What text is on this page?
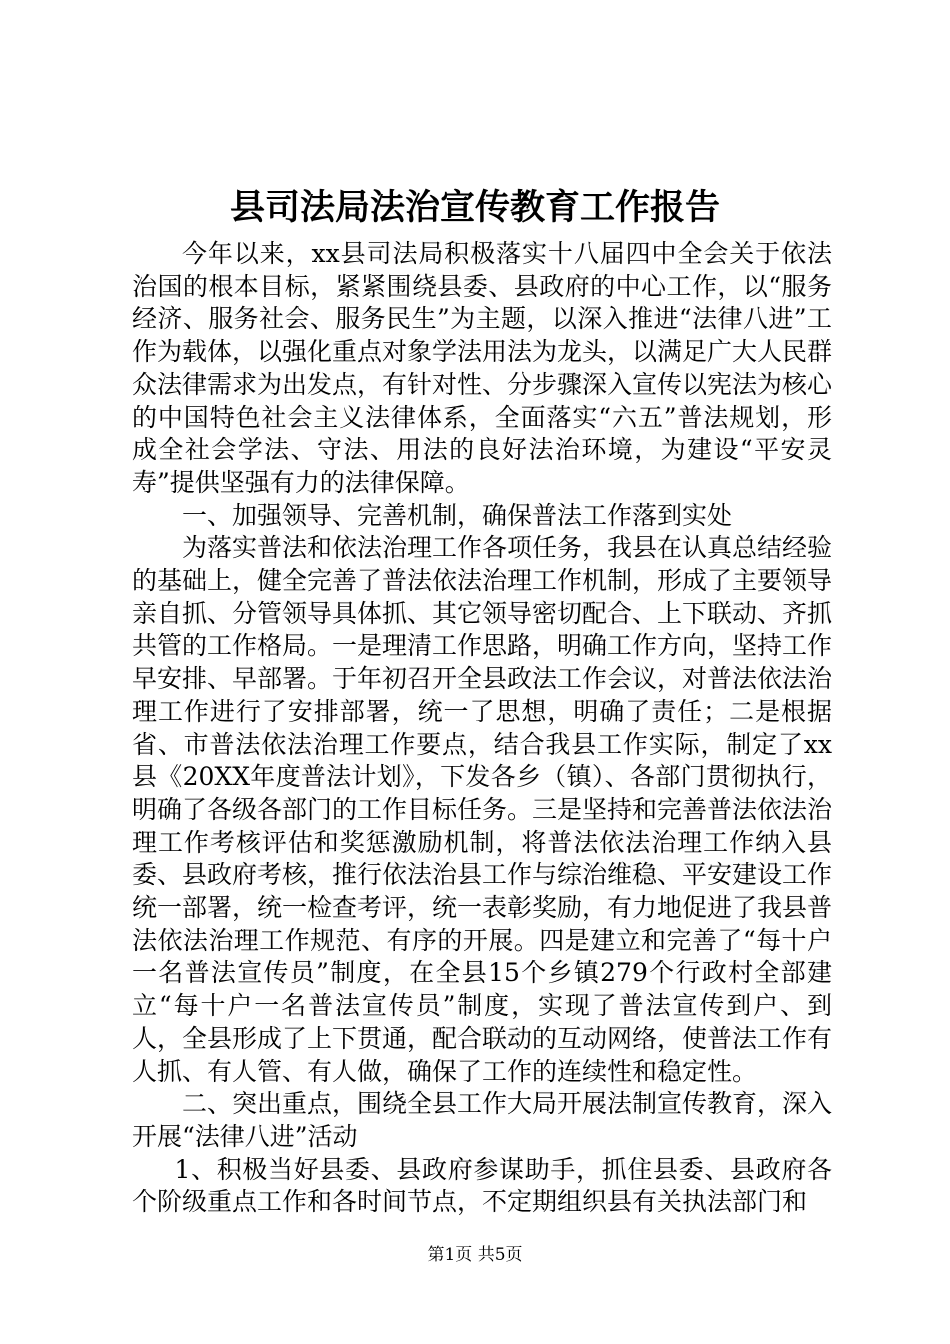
县司法局法治宣传教育工作报告

今年以来，xx县司法局积极落实十八届四中全会关于依法治国的根本目标，紧紧围绕县委、县政府的中心工作，以“服务经济、服务社会、服务民生”为主题，以深入推进“法律八进”工作为载体，以强化重点对象学法用法为龙头，以满足广大人民群众法律需求为出发点，有针对性、分步骤深入宣传以宪法为核心的中国特色社会主义法律体系，全面落实“六五”普法规划，形成全社会学法、守法、用法的良好法治环境，为建设“平安灵寿”提供坚强有力的法律保障。

一、加强领导、完善机制，确保普法工作落到实处

为落实普法和依法治理工作各项任务，我县在认真总结经验的基础上，健全完善了普法依法治理工作机制，形成了主要领导亲自抓、分管领导具体抓、其它领导密切配合、上下联动、齐抓共管的工作格局。一是理清工作思路，明确工作方向，坚持工作早安排、早部署。于年初召开全县政法工作会议，对普法依法治理工作进行了安排部署，统一了思想，明确了责任；二是根据省、市普法依法治理工作要点，结合我县工作实际，制定了xx县《20XX年度普法计划》，下发各乡（镇）、各部门贯彻执行，明确了各级各部门的工作目标任务。三是坚持和完善普法依法治理工作考核评估和奖惩激励机制，将普法依法治理工作纳入县委、县政府考核，推行依法治县工作与综治维稳、平安建设工作统一部署，统一检查考评，统一表彰奖励，有力地促进了我县普法依法治理工作规范、有序的开展。四是建立和完善了“每十户一名普法宣传员”制度，在全县15个乡镇279个行政村全部建立“每十户一名普法宣传员”制度，实现了普法宣传到户、到人，全县形成了上下贯通，配合联动的互动网络，使普法工作有人抓、有人管、有人做，确保了工作的连续性和稳定性。

二、突出重点，围绕全县工作大局开展法制宣传教育，深入开展“法律八进”活动

1、积极当好县委、县政府参谋助手，抓住县委、县政府各个阶级重点工作和各时间节点，不定期组织县有关执法部门和

第1页 共5页
